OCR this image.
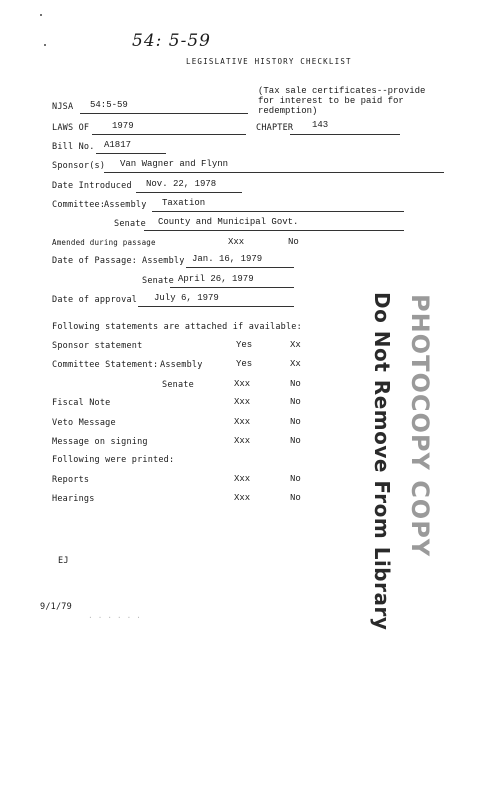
54: 5-59
LEGISLATIVE HISTORY CHECKLIST
(Tax sale certificates--provide
for interest to be paid for
redemption)
NJSA 54:5-59
LAWS OF	1979	CHAPTER 143
Bill No. A1817
Sponsor(s) Van Wagner and Flynn
Date Introduced Nov. 22, 1978
Committee:
Assembly Taxation
Senate County and Municipal Govt.
Amended during passage	Xxx	No
Date of Passage: Assembly Jan. 16, 1979
Senate April 26, 1979
Date of approval July 6, 1979
Following statements are attached if available:
Sponsor statement	Yes	Xx
Committee Statement: Assembly	Yes	Xx
Senate	Xxx	No
Fiscal Note	Xxx	No
Veto Message	Xxx	No
Message on signing	Xxx	No
Following were printed:
Reports	Xxx	No
Hearings	Xxx	No
EJ
9/1/79
· · · · · ·	Do Not Remove From Library PHOTOCOPY COPY
